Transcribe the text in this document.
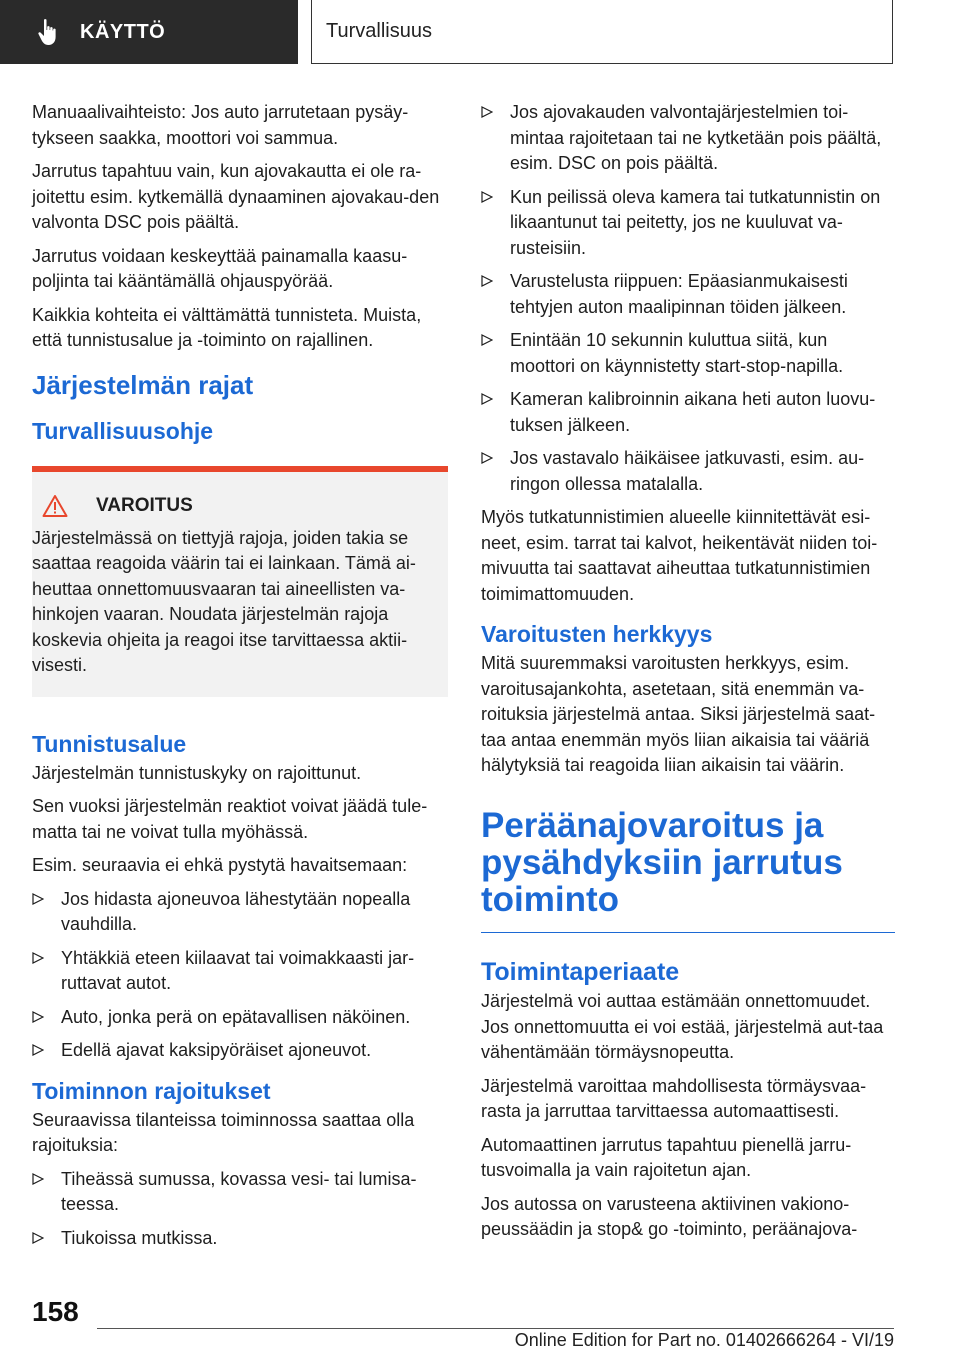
KÄYTTÖ	Turvallisuus

Manuaalivaihteisto: Jos auto jarrutetaan pysäy-tykseen saakka, moottori voi sammua.

Jarrutus tapahtuu vain, kun ajovakautta ei ole ra-joitettu esim. kytkemällä dynaaminen ajovakau-den valvonta DSC pois päältä.

Jarrutus voidaan keskeyttää painamalla kaasu-poljinta tai kääntämällä ohjauspyörää.

Kaikkia kohteita ei välttämättä tunnisteta. Muista, että tunnistusalue ja -toiminto on rajallinen.

Järjestelmän rajat
Turvallisuusohje
VAROITUS

Järjestelmässä on tiettyjä rajoja, joiden takia se saattaa reagoida väärin tai ei lainkaan. Tämä ai-heuttaa onnettomuusvaaran tai aineellisten va-hinkojen vaaran. Noudata järjestelmän rajoja koskevia ohjeita ja reagoi itse tarvittaessa aktii-visesti.

Tunnistusalue

Järjestelmän tunnistuskyky on rajoittunut.

Sen vuoksi järjestelmän reaktiot voivat jäädä tule-matta tai ne voivat tulla myöhässä.

Esim. seuraavia ei ehkä pystytä havaitsemaan:

Jos hidasta ajoneuvoa lähestytään nopealla vauhdilla.
Yhtäkkiä eteen kiilaavat tai voimakkaasti jar-ruttavat autot.
Auto, jonka perä on epätavallisen näköinen.
Edellä ajavat kaksipyöräiset ajoneuvot.
Toiminnon rajoitukset

Seuraavissa tilanteissa toiminnossa saattaa olla rajoituksia:

Tiheässä sumussa, kovassa vesi- tai lumisa-teessa.
Tiukoissa mutkissa.
Jos ajovakauden valvontajärjestelmien toi-mintaa rajoitetaan tai ne kytketään pois päältä, esim. DSC on pois päältä.
Kun peilissä oleva kamera tai tutkatunnistin on likaantunut tai peitetty, jos ne kuuluvat va-rusteisiin.
Varustelusta riippuen: Epäasianmukaisesti tehtyjen auton maalipinnan töiden jälkeen.
Enintään 10 sekunnin kuluttua siitä, kun moottori on käynnistetty start-stop-napilla.
Kameran kalibroinnin aikana heti auton luovu-tuksen jälkeen.
Jos vastavalo häikäisee jatkuvasti, esim. au-ringon ollessa matalalla.

Myös tutkatunnistimien alueelle kiinnitettävät esi-neet, esim. tarrat tai kalvot, heikentävät niiden toi-mivuutta tai saattavat aiheuttaa tutkatunnistimien toimimattomuuden.

Varoitusten herkkyys

Mitä suuremmaksi varoitusten herkkyys, esim. varoitusajankohta, asetetaan, sitä enemmän va-roituksia järjestelmä antaa. Siksi järjestelmä saat-taa antaa enemmän myös liian aikaisia tai vääriä hälytyksiä tai reagoida liian aikaisin tai väärin.

Peräänajovaroitus ja pysähdyksiin jarrutus toiminto
Toimintaperiaate

Järjestelmä voi auttaa estämään onnettomuudet. Jos onnettomuutta ei voi estää, järjestelmä aut-taa vähentämään törmäysnopeutta.

Järjestelmä varoittaa mahdollisesta törmäysvaa-rasta ja jarruttaa tarvittaessa automaattisesti.

Automaattinen jarrutus tapahtuu pienellä jarru-tusvoimalla ja vain rajoitetun ajan.

Jos autossa on varusteena aktiivinen vakiono-peussäädin ja stop& go -toiminto, peräänajova-

158
Online Edition for Part no. 01402666264 - VI/19
